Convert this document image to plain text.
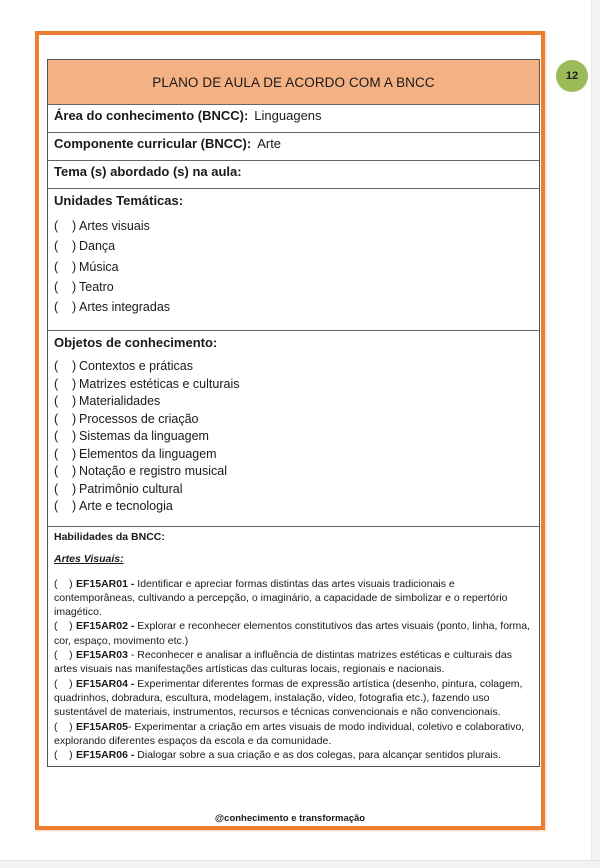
12
PLANO DE AULA DE ACORDO COM A BNCC
Área do conhecimento (BNCC): Linguagens
Componente curricular (BNCC): Arte
Tema (s) abordado (s) na aula:
Unidades Temáticas:
(    ) Artes visuais
(    ) Dança
(    ) Música
(    ) Teatro
(    ) Artes integradas
Objetos de conhecimento:
(    ) Contextos e práticas
(    ) Matrizes estéticas e culturais
(    ) Materialidades
(    ) Processos de criação
(    ) Sistemas da linguagem
(    ) Elementos da linguagem
(    ) Notação e registro musical
(    ) Patrimônio cultural
(    ) Arte e tecnologia
Habilidades da BNCC:
Artes Visuais:

(    ) EF15AR01 - Identificar e apreciar formas distintas das artes visuais tradicionais e contemporâneas, cultivando a percepção, o imaginário, a capacidade de simbolizar e o repertório imagético.

(    ) EF15AR02 - Explorar e reconhecer elementos constitutivos das artes visuais (ponto, linha, forma, cor, espaço, movimento etc.)

(    ) EF15AR03 - Reconhecer e analisar a influência de distintas matrizes estéticas e culturais das artes visuais nas manifestações artísticas das culturas locais, regionais e nacionais.

(    ) EF15AR04 - Experimentar diferentes formas de expressão artística (desenho, pintura, colagem, quadrinhos, dobradura, escultura, modelagem, instalação, vídeo, fotografia etc.), fazendo uso sustentável de materiais, instrumentos, recursos e técnicas convencionais e não convencionais.

(    ) EF15AR05- Experimentar a criação em artes visuais de modo individual, coletivo e colaborativo, explorando diferentes espaços da escola e da comunidade.

(    ) EF15AR06 - Dialogar sobre a sua criação e as dos colegas, para alcançar sentidos plurais.

@conhecimento e transformação
